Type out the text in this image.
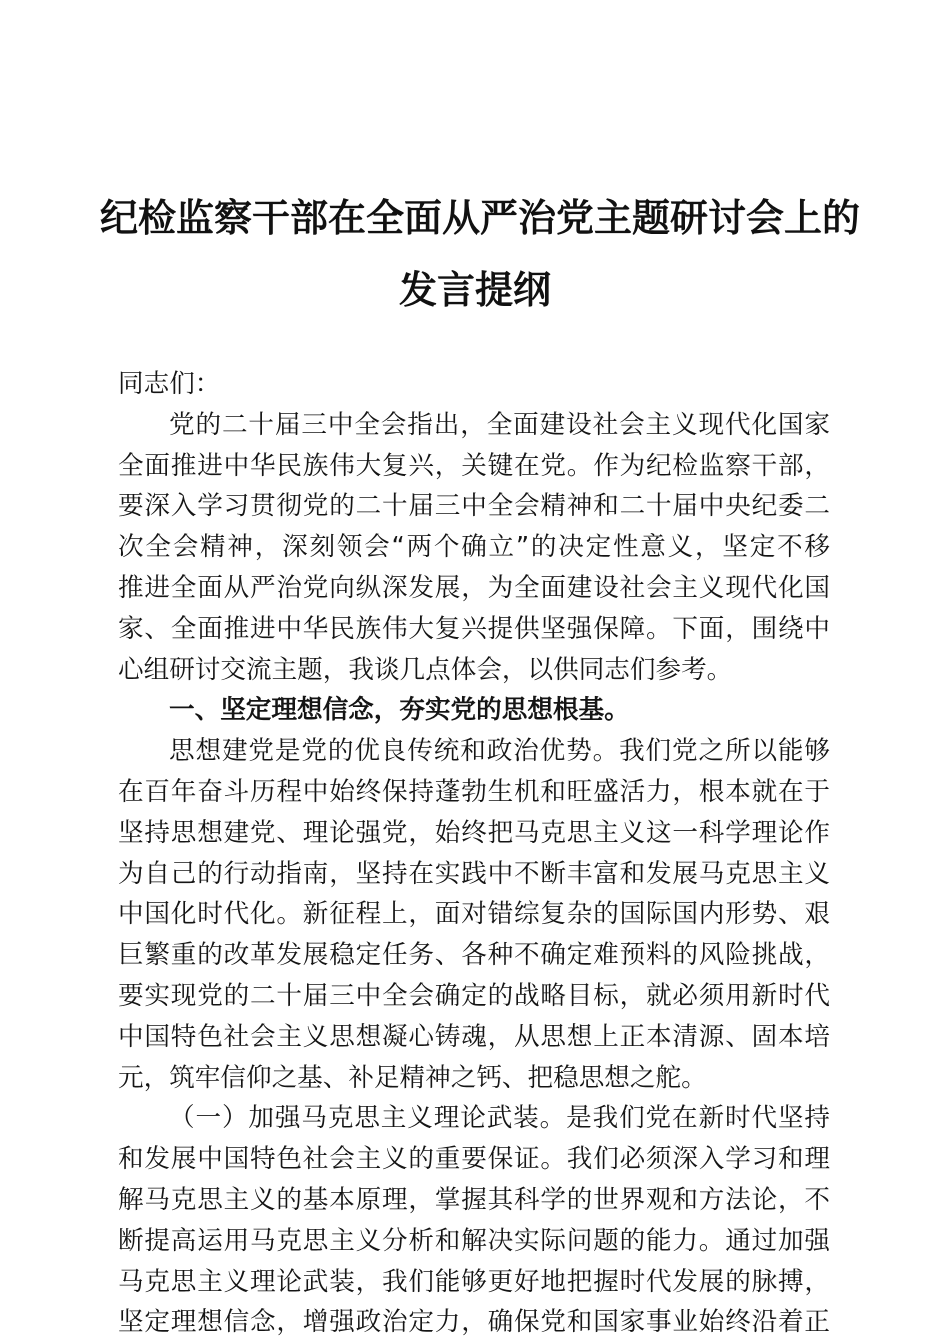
纪检监察干部在全面从严治党主题研讨会上的
发言提纲
同志们：
党的二十届三中全会指出，全面建设社会主义现代化国家
全面推进中华民族伟大复兴，关键在党。作为纪检监察干部，
要深入学习贯彻党的二十届三中全会精神和二十届中央纪委二
次全会精神，深刻领会“两个确立”的决定性意义，坚定不移
推进全面从严治党向纵深发展，为全面建设社会主义现代化国
家、全面推进中华民族伟大复兴提供坚强保障。下面，围绕中
心组研讨交流主题，我谈几点体会，以供同志们参考。
一、坚定理想信念，夯实党的思想根基。
思想建党是党的优良传统和政治优势。我们党之所以能够
在百年奋斗历程中始终保持蓬勃生机和旺盛活力，根本就在于
坚持思想建党、理论强党，始终把马克思主义这一科学理论作
为自己的行动指南，坚持在实践中不断丰富和发展马克思主义
中国化时代化。新征程上，面对错综复杂的国际国内形势、艰
巨繁重的改革发展稳定任务、各种不确定难预料的风险挑战，
要实现党的二十届三中全会确定的战略目标，就必须用新时代
中国特色社会主义思想凝心铸魂，从思想上正本清源、固本培
元，筑牢信仰之基、补足精神之钙、把稳思想之舵。
（一）加强马克思主义理论武装。是我们党在新时代坚持
和发展中国特色社会主义的重要保证。我们必须深入学习和理
解马克思主义的基本原理，掌握其科学的世界观和方法论，不
断提高运用马克思主义分析和解决实际问题的能力。通过加强
马克思主义理论武装，我们能够更好地把握时代发展的脉搏，
坚定理想信念，增强政治定力，确保党和国家事业始终沿着正
